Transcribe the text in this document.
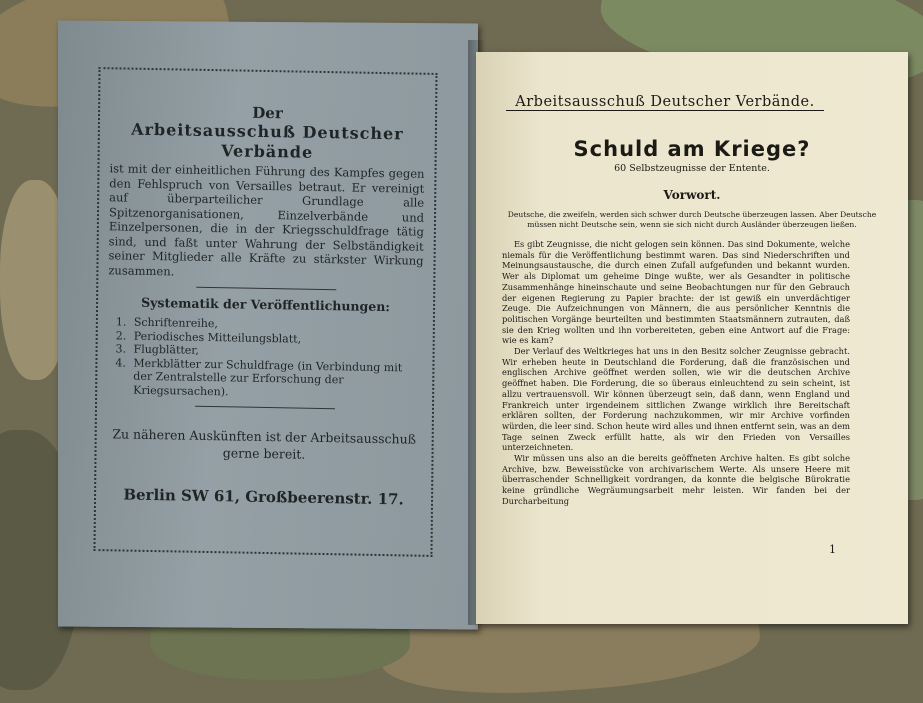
Der
Arbeitsausschuß Deutscher Verbände
ist mit der einheitlichen Führung des Kampfes gegen den Fehlspruch von Versailles betraut. Er vereinigt auf überparteilicher Grundlage alle Spitzenorganisationen, Einzelverbände und Einzelpersonen, die in der Kriegsschuldfrage tätig sind, und faßt unter Wahrung der Selbständigkeit seiner Mitglieder alle Kräfte zu stärkster Wirkung zusammen.
Systematik der Veröffentlichungen:
1. Schriftenreihe,
2. Periodisches Mitteilungsblatt,
3. Flugblätter,
4. Merkblätter zur Schuldfrage (in Verbindung mit der Zentralstelle zur Erforschung der Kriegsursachen).
Zu näheren Auskünften ist der Arbeitsausschuß gerne bereit.
Berlin SW 61, Großbeerenstr. 17.
Arbeitsausschuß Deutscher Verbände.
Schuld am Kriege?
60 Selbstzeugnisse der Entente.
Vorwort.
Deutsche, die zweifeln, werden sich schwer durch Deutsche überzeugen lassen. Aber Deutsche müssen nicht Deutsche sein, wenn sie sich nicht durch Ausländer überzeugen ließen.

Es gibt Zeugnisse, die nicht gelogen sein können. Das sind Dokumente, welche niemals für die Veröffentlichung bestimmt waren. Das sind Niederschriften und Meinungsaustausche, die durch einen Zufall aufgefunden und bekannt wurden. Wer als Diplomat um geheime Dinge wußte, wer als Gesandter in politische Zusammenhänge hineinschaute und seine Beobachtungen nur für den Gebrauch der eigenen Regierung zu Papier brachte: der ist gewiß ein unverdächtiger Zeuge. Die Aufzeichnungen von Männern, die aus persönlicher Kenntnis die politischen Vorgänge beurteilten und bestimmten Staatsmännern zutrauten, daß sie den Krieg wollten und ihn vorbereiteten, geben eine Antwort auf die Frage: wie es kam?

Der Verlauf des Weltkrieges hat uns in den Besitz solcher Zeugnisse gebracht. Wir erheben heute in Deutschland die Forderung, daß die französischen und englischen Archive geöffnet werden sollen, wie wir die deutschen Archive geöffnet haben. Die Forderung, die so überaus einleuchtend zu sein scheint, ist allzu vertrauensvoll. Wir können überzeugt sein, daß dann, wenn England und Frankreich unter irgendeinem sittlichen Zwange wirklich ihre Bereitschaft erklären sollten, der Forderung nachzukommen, wir mir Archive vorfinden würden, die leer sind. Schon heute wird alles und ihnen entfernt sein, was an dem Tage seinen Zweck erfüllt hatte, als wir den Frieden von Versailles unterzeichneten.

Wir müssen uns also an die bereits geöffneten Archive halten. Es gibt solche Archive, bzw. Beweisstücke von archivarischem Werte. Als unsere Heere mit überraschender Schnelligkeit vordrangen, da konnte die belgische Bürokratie keine gründliche Wegräumungsarbeit mehr leisten. Wir fanden bei der Durcharbeitung

1
